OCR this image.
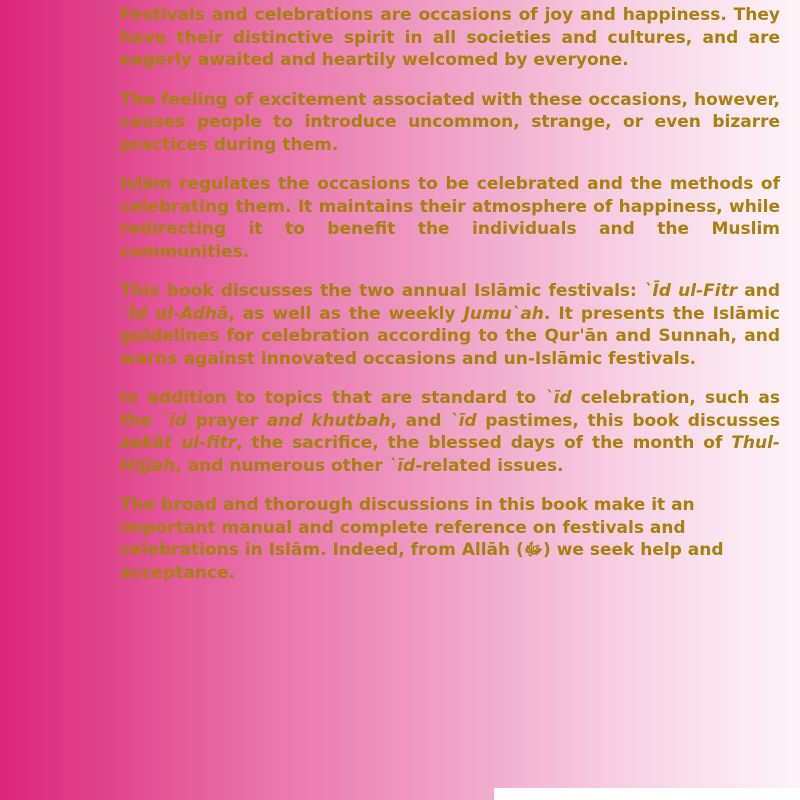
Festivals and celebrations are occasions of joy and happiness. They have their distinctive spirit in all societies and cultures, and are eagerly awaited and heartily welcomed by everyone.

The feeling of excitement associated with these occasions, however, causes people to introduce uncommon, strange, or even bizarre practices during them.

Islām regulates the occasions to be celebrated and the methods of celebrating them. It maintains their atmosphere of happiness, while redirecting it to benefit the individuals and the Muslim communities.

This book discusses the two annual Islāmic festivals: `Īd ul-Fitr and `Īd ul-Adhā, as well as the weekly Jumu`ah. It presents the Islāmic guidelines for celebration according to the Qur'ān and Sunnah, and warns against innovated occasions and un-Islāmic festivals.

In addition to topics that are standard to `īd celebration, such as the `īd prayer and khutbah, and `īd pastimes, this book discusses zakāt ul-fitr, the sacrifice, the blessed days of the month of Thul-Hijjah, and numerous other `īd-related issues.

The broad and thorough discussions in this book make it an important manual and complete reference on festivals and celebrations in Islām. Indeed, from Allāh (ﷻ) we seek help and acceptance.
